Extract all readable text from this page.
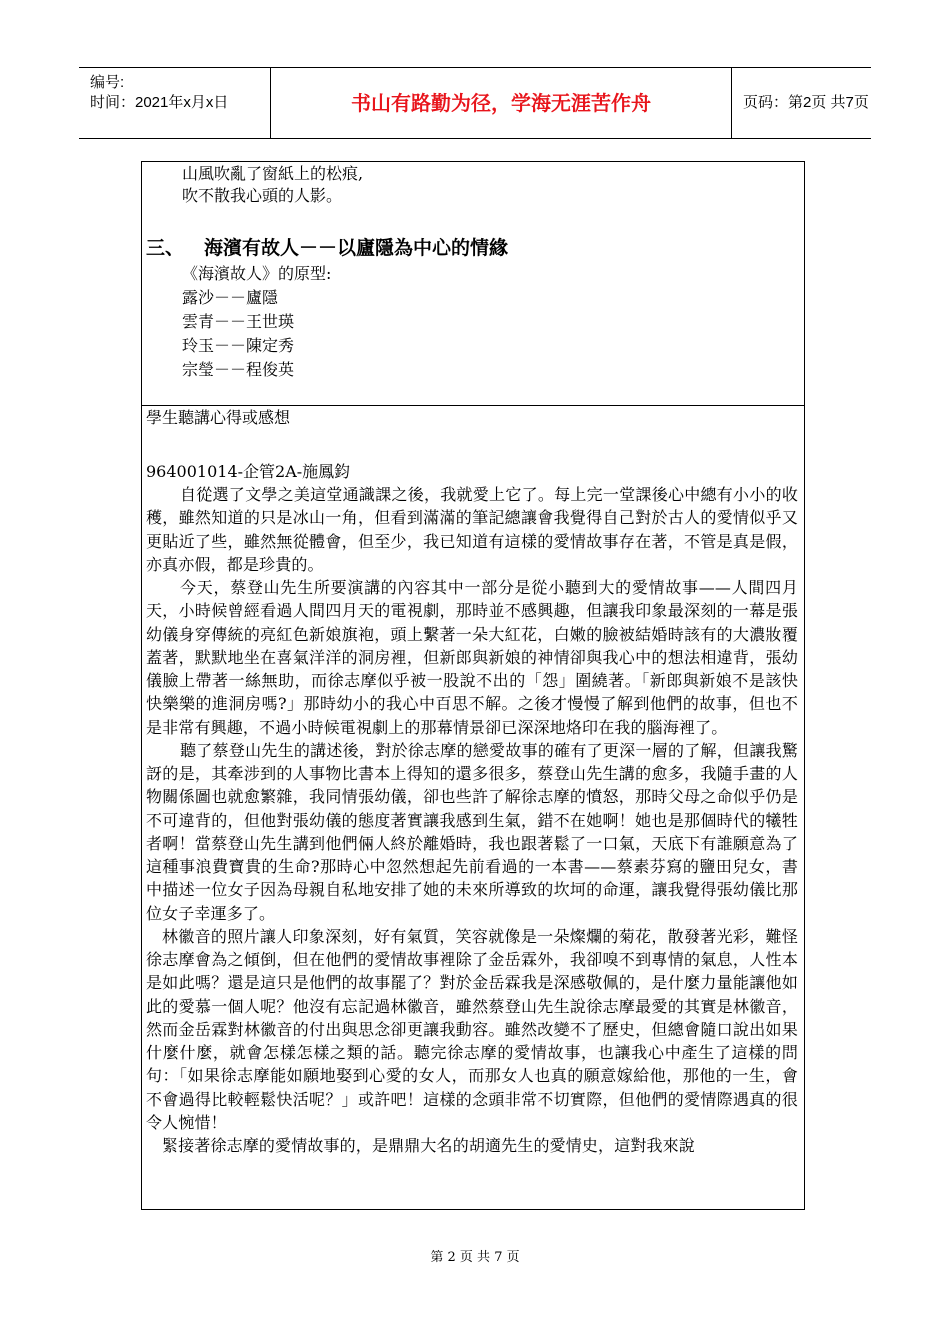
编号:
时间：2021年x月x日	书山有路勤为径，学海无涯苦作舟	页码：第2页 共7页
山風吹亂了窗紙上的松痕,
吹不散我心頭的人影。
三、 海濱有故人－－以廬隱為中心的情緣
《海濱故人》的原型:
露沙－－廬隱
雲青－－王世瑛
玲玉－－陳定秀
宗瑩－－程俊英
學生聽講心得或感想
964001014-企管2A-施鳳鈞

自從選了文學之美這堂通識課之後，我就愛上它了。每上完一堂課後心中總有小小的收穫，雖然知道的只是冰山一角，但看到滿滿的筆記總讓會我覺得自己對於古人的愛情似乎又更貼近了些，雖然無從體會，但至少，我已知道有這樣的愛情故事存在著，不管是真是假，亦真亦假，都是珍貴的。

今天，蔡登山先生所要演講的內容其中一部分是從小聽到大的愛情故事——人間四月天，小時候曾經看過人間四月天的電視劇，那時並不感興趣，但讓我印象最深刻的一幕是張幼儀身穿傳統的亮紅色新娘旗袍，頭上繫著一朵大紅花，白嫩的臉被結婚時該有的大濃妝覆蓋著，默默地坐在喜氣洋洋的洞房裡，但新郎與新娘的神情卻與我心中的想法相違背，張幼儀臉上帶著一絲無助，而徐志摩似乎被一股說不出的「怨」圍繞著。「新郎與新娘不是該快快樂樂的進洞房嗎?」那時幼小的我心中百思不解。之後才慢慢了解到他們的故事，但也不是非常有興趣，不過小時候電視劇上的那幕情景卻已深深地烙印在我的腦海裡了。

聽了蔡登山先生的講述後，對於徐志摩的戀愛故事的確有了更深一層的了解，但讓我驚訝的是，其牽涉到的人事物比書本上得知的還多很多，蔡登山先生講的愈多，我隨手畫的人物關係圖也就愈繁雜，我同情張幼儀，卻也些許了解徐志摩的憤怒，那時父母之命似乎仍是不可違背的，但他對張幼儀的態度著實讓我感到生氣，錯不在她啊！她也是那個時代的犧牲者啊！當蔡登山先生講到他們倆人終於離婚時，我也跟著鬆了一口氣，天底下有誰願意為了這種事浪費寶貴的生命?那時心中忽然想起先前看過的一本書——蔡素芬寫的鹽田兒女，書中描述一位女子因為母親自私地安排了她的未來所導致的坎坷的命運，讓我覺得張幼儀比那位女子幸運多了。

林徽音的照片讓人印象深刻，好有氣質，笑容就像是一朵燦爛的菊花，散發著光彩，難怪徐志摩會為之傾倒，但在他們的愛情故事裡除了金岳霖外，我卻嗅不到專情的氣息，人性本是如此嗎？還是這只是他們的故事罷了？對於金岳霖我是深感敬佩的，是什麼力量能讓他如此的愛慕一個人呢？他沒有忘記過林徽音，雖然蔡登山先生說徐志摩最愛的其實是林徽音，然而金岳霖對林徽音的付出與思念卻更讓我動容。雖然改變不了歷史，但總會隨口說出如果什麼什麼，就會怎樣怎樣之類的話。聽完徐志摩的愛情故事，也讓我心中產生了這樣的問句：「如果徐志摩能如願地娶到心愛的女人，而那女人也真的願意嫁給他，那他的一生，會不會過得比較輕鬆快活呢？」或許吧！這樣的念頭非常不切實際，但他們的愛情際遇真的很令人惋惜！

緊接著徐志摩的愛情故事的，是鼎鼎大名的胡適先生的愛情史，這對我來說

第 2 页 共 7 页
